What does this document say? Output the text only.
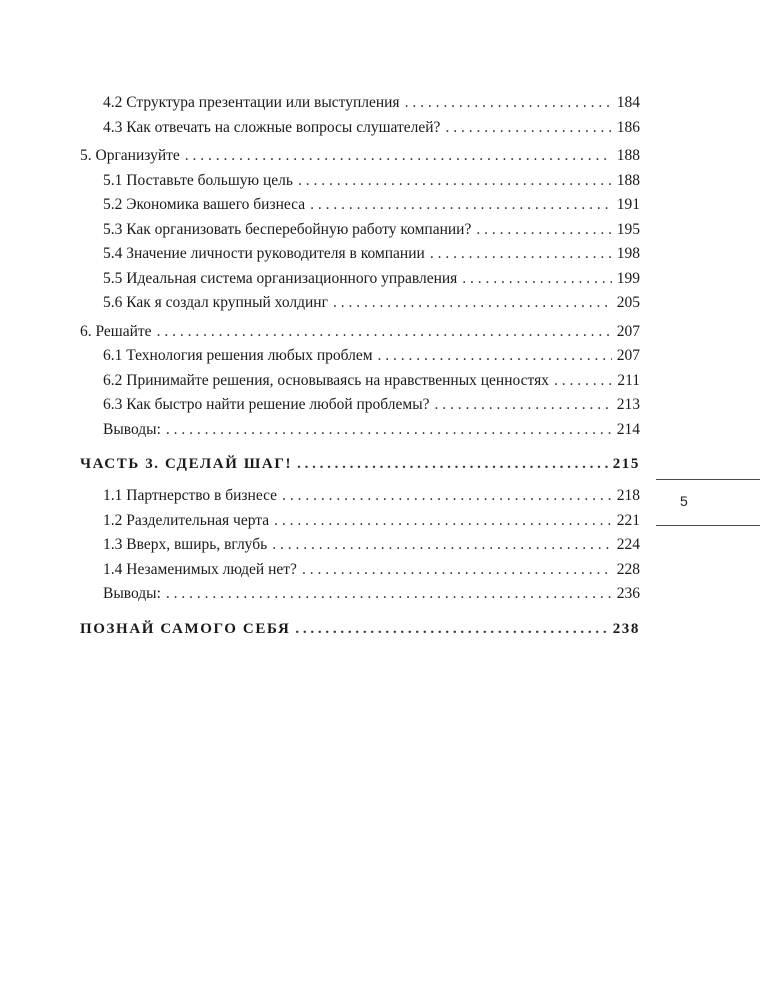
4.2 Структура презентации или выступления . . .	184
4.3 Как отвечать на сложные вопросы слушателей? . . .	186
5. Организуйте . . .	188
5.1 Поставьте большую цель . . .	188
5.2 Экономика вашего бизнеса . . .	191
5.3 Как организовать бесперебойную работу компании? . . .	195
5.4 Значение личности руководителя в компании . . .	198
5.5 Идеальная система организационного управления . . .	199
5.6 Как я создал крупный холдинг . . .	205
6. Решайте . . .	207
6.1 Технология решения любых проблем . . .	207
6.2 Принимайте решения, основываясь на нравственных ценностях . . .	211
6.3 Как быстро найти решение любой проблемы? . . .	213
Выводы: . . .	214
ЧАСТЬ 3. СДЕЛАЙ ШАГ! . . .	215
1.1 Партнерство в бизнесе . . .	218
1.2 Разделительная черта . . .	221
1.3 Вверх, вширь, вглубь . . .	224
1.4 Незаменимых людей нет? . . .	228
Выводы: . . .	236
ПОЗНАЙ САМОГО СЕБЯ . . .	238
5
